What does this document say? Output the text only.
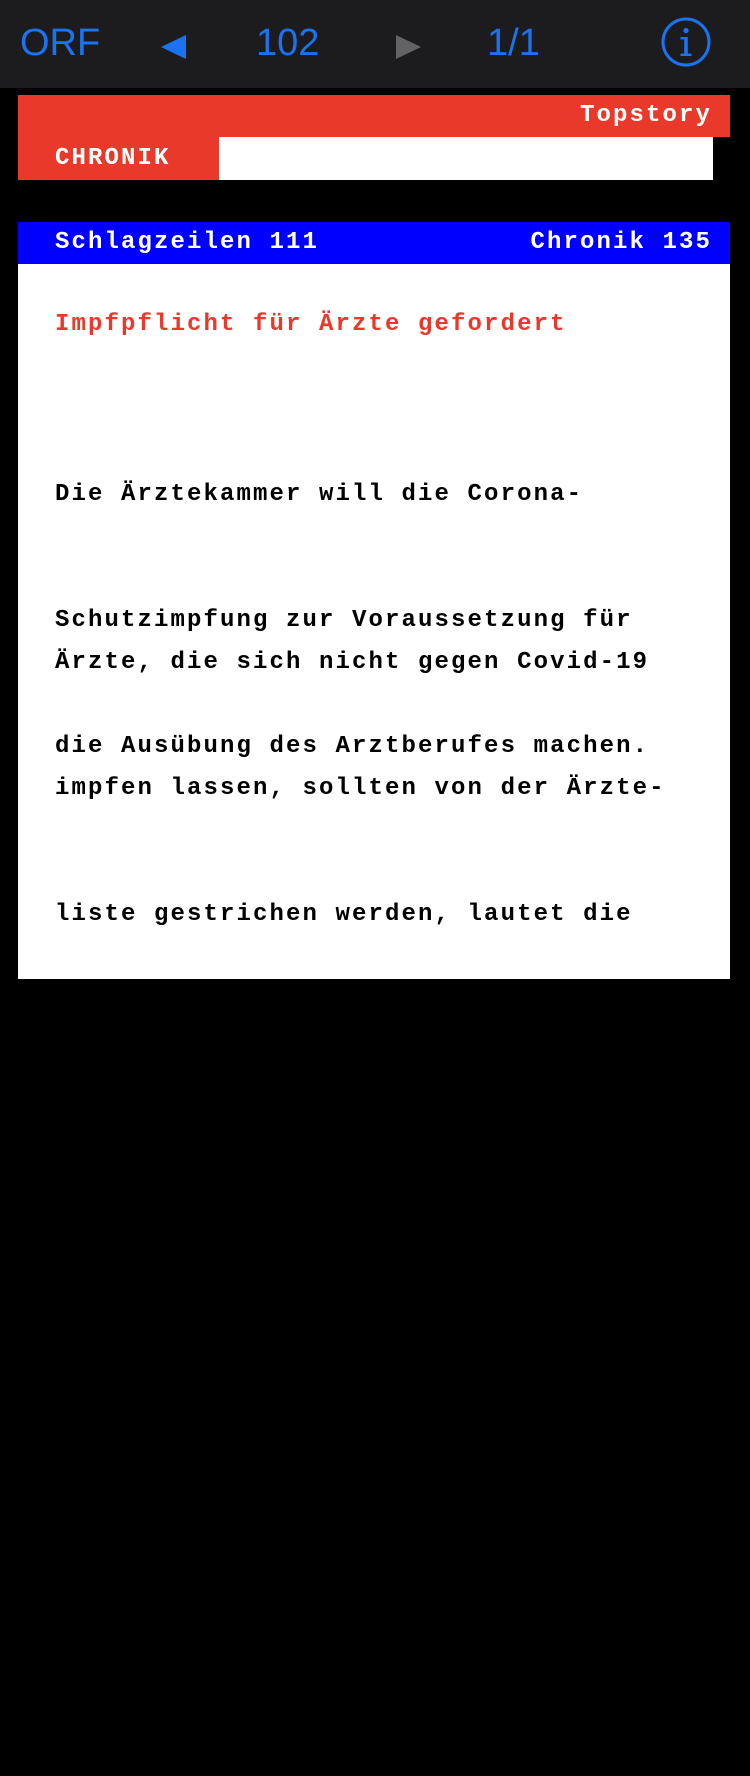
ORF	102	1/1
Topstory
CHRONIK
Schlagzeilen 111	Chronik 135
Impfpflicht für Ärzte gefordert

Die Ärztekammer will die Corona-

Schutzimpfung zur Voraussetzung für

die Ausübung des Arztberufes machen.

Ärzte, die sich nicht gegen Covid-19

impfen lassen, sollten von der Ärzte-

liste gestrichen werden, lautet die

Forderung des Ärztekammer-Vorstands.

Die gesetzlichen Grundlagen sollten

spätestens mit dem Start der Impf-

pflicht in Österreich geschaffen

sein, fordert die Ärztekammer in

einer Aussendung von der Regierung.
